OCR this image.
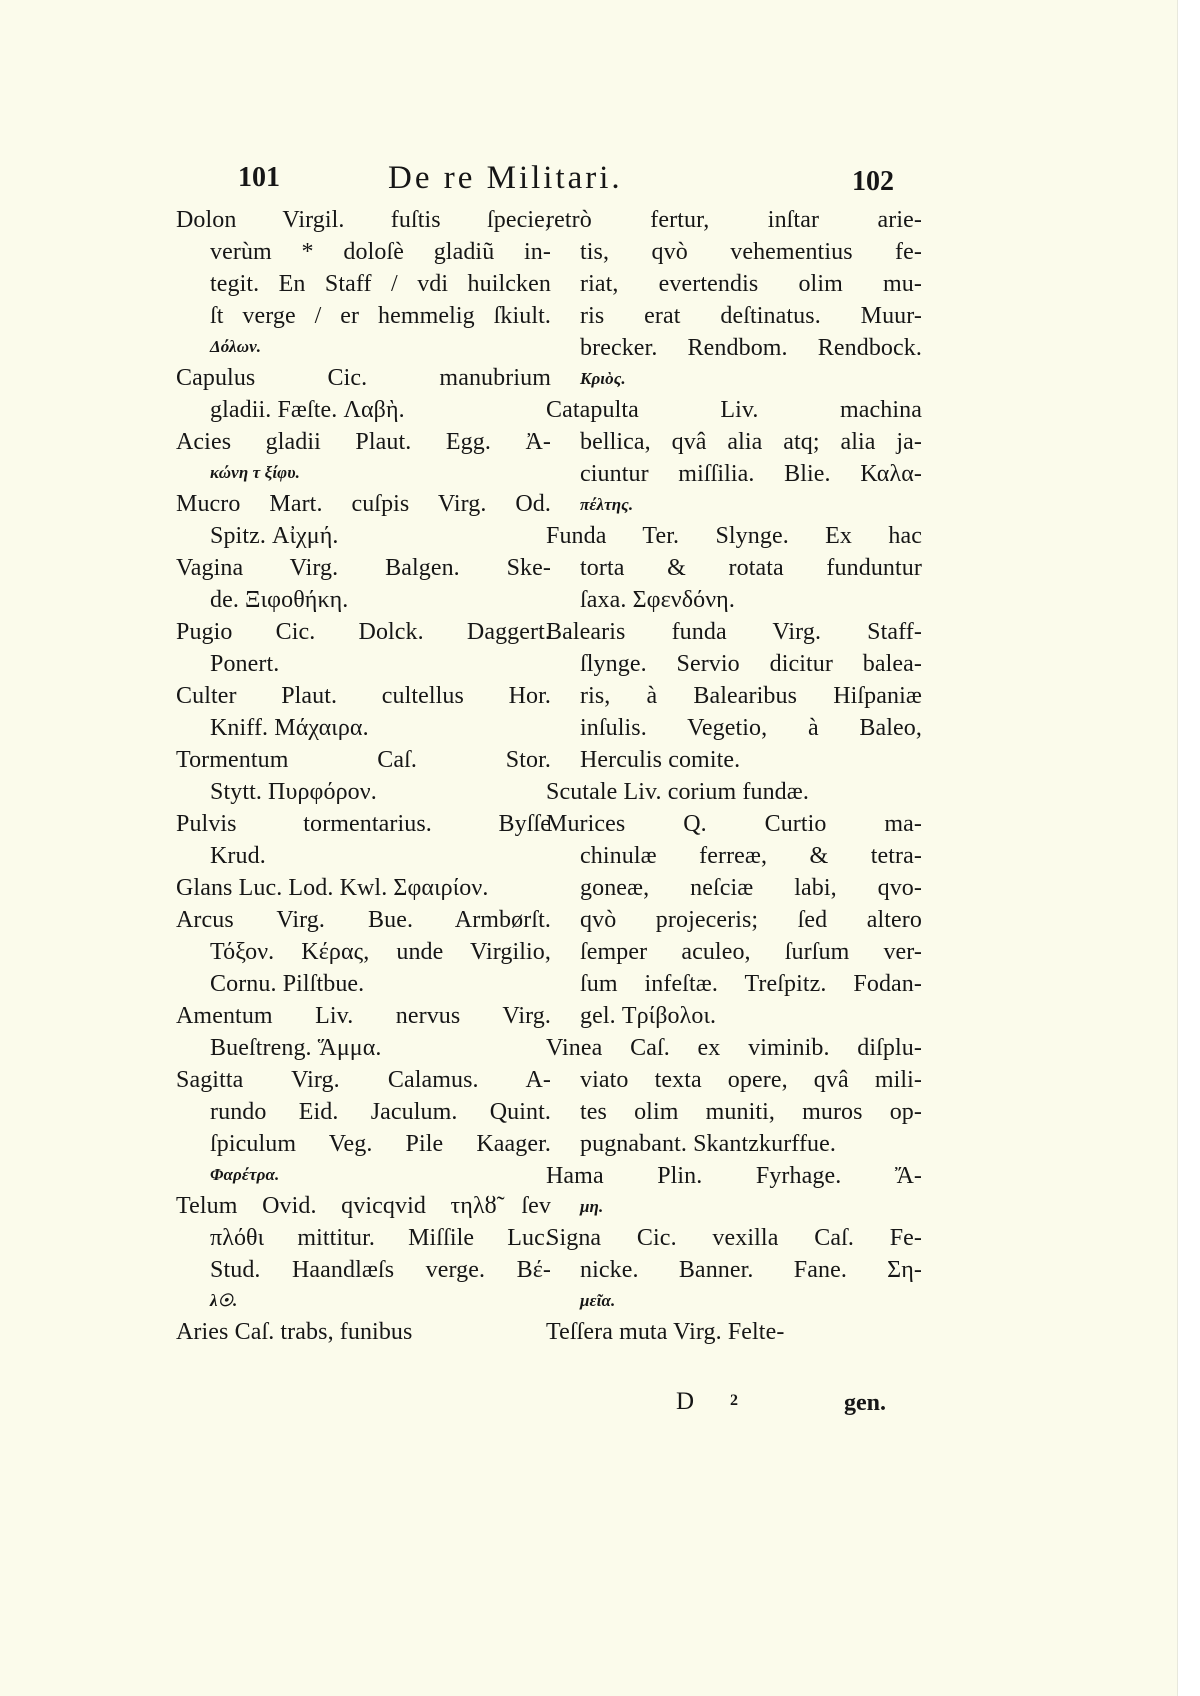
101	De re Militari.	102
Dolon Virgil. fuſtis ſpecie,
verùm * doloſè gladiũ in-
tegit. En Staff / vdi huilcken
ſt verge / er hemmelig ſkiult.
Δόλων.
Capulus Cic. manubrium
gladii. Fæſte. Λαβὴ.
Acies gladii Plaut. Egg. Ἀ-
κώνη τ ξίφυ.
Mucro Mart. cuſpis Virg. Od.
Spitz. Αἰχμή.
Vagina Virg. Balgen. Ske-
de. Ξιφοθήκη.
Pugio Cic. Dolck. Daggert.
Ponert.
Culter Plaut. cultellus Hor.
Kniff. Μάχαιρα.
Tormentum Caſ. Stor.
Stytt. Πυρφόρον.
Pulvis tormentarius. Byſſe
Krud.
Glans Luc. Lod. Kwl. Σφαιρίον.
Arcus Virg. Bue. Armbørſt.
Τόξον. Κέρας, unde Virgilio,
Cornu. Pilſtbue.
Amentum Liv. nervus Virg.
Bueſtreng. Ἅμμα.
Sagitta Virg. Calamus. A-
rundo Eid. Jaculum. Quint.
ſpiculum Veg. Pile Kaager.
Φαρέτρα.
Telum Ovid. qvicqvid τηλȣ̃ ſev
πλόθι mittitur. Miſſile Luc.
Stud. Haandlæſs verge. Βέ-
λ☉.
Aries Caſ. trabs, funibus
retrò fertur, inſtar arie-
tis, qvò vehementius fe-
riat, evertendis olim mu-
ris erat deſtinatus. Muur-
brecker. Rendbom. Rendbock.
Κριὸς.
Catapulta Liv. machina
bellica, qvâ alia atq; alia ja-
ciuntur miſſilia. Blie. Καλα-
πέλτης.
Funda Ter. Slynge. Ex hac
torta & rotata funduntur
ſaxa. Σφενδόνη.
Balearis funda Virg. Staff-
ſlynge. Servio dicitur balea-
ris, à Balearibus Hiſpaniæ
inſulis. Vegetio, à Baleo,
Herculis comite.
Scutale Liv. corium fundæ.
Murices Q. Curtio ma-
chinulæ ferreæ, & tetra-
goneæ, neſciæ labi, qvo-
qvò projeceris; ſed altero
ſemper aculeo, ſurſum ver-
ſum infeſtæ. Treſpitz. Fodan-
gel. Τρίβολοι.
Vinea Caſ. ex viminib. diſplu-
viato texta opere, qvâ mili-
tes olim muniti, muros op-
pugnabant. Skantzkurffue.
Hama Plin. Fyrhage. Ἄ-
μη.
Signa Cic. vexilla Caſ. Fe-
nicke. Banner. Fane. Ση-
μεῖα.
Teſſera muta Virg. Felte-
D 2	gen.
